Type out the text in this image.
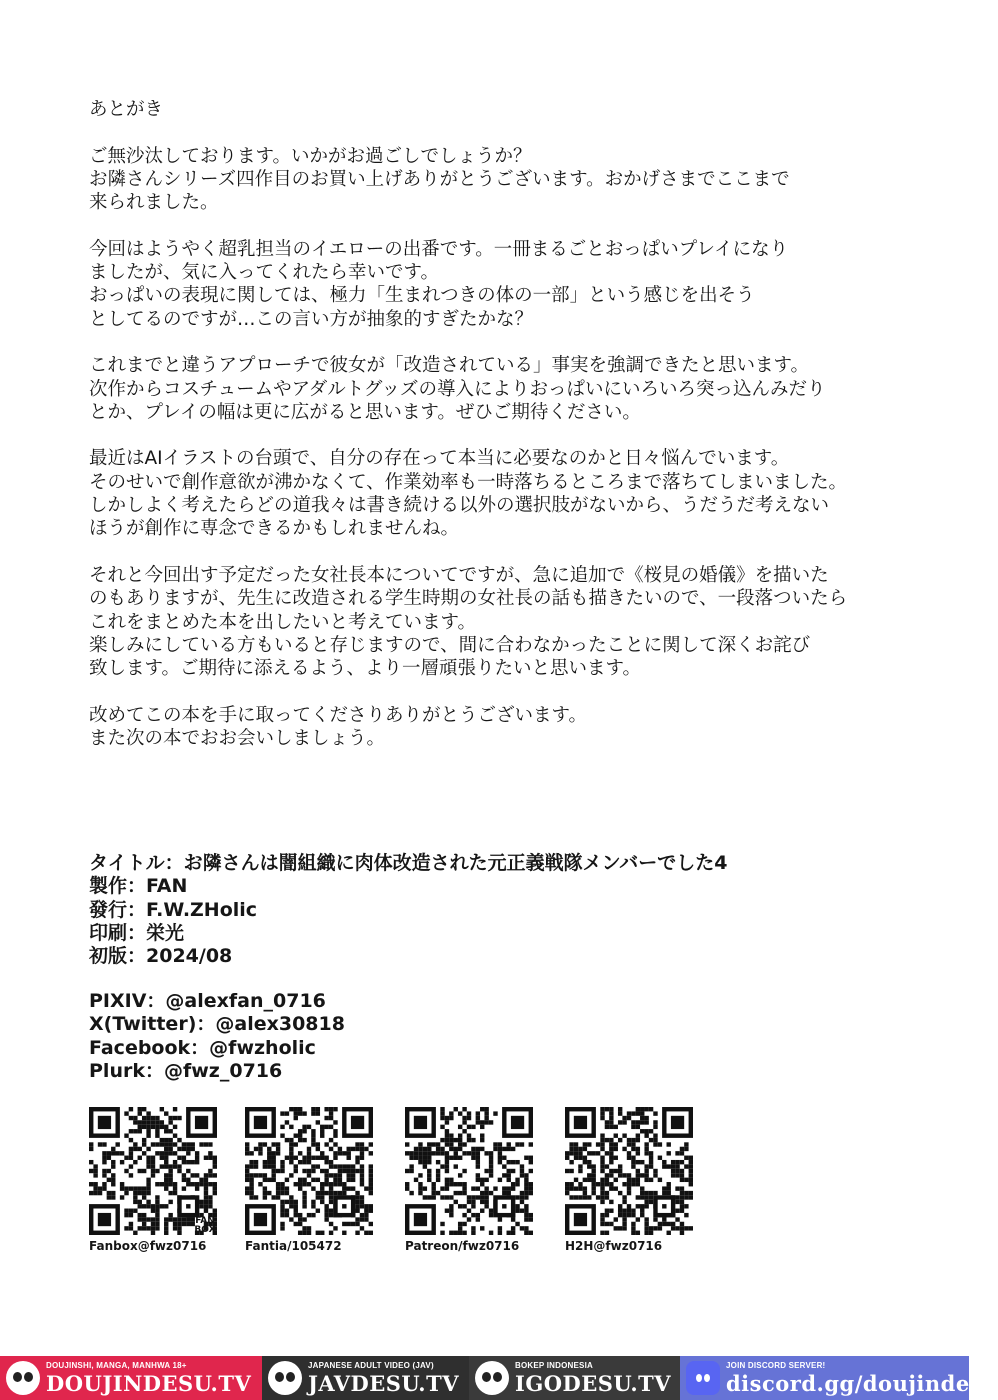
あとがき

ご無沙汰しております。いかがお過ごしでしょうか？
お隣さんシリーズ四作目のお買い上げありがとうございます。おかげさまでここまで
来られました。

今回はようやく超乳担当のイエローの出番です。一冊まるごとおっぱいプレイになり
ましたが、気に入ってくれたら幸いです。
おっぱいの表現に関しては、極力「生まれつきの体の一部」という感じを出そう
としてるのですが…この言い方が抽象的すぎたかな？

これまでと違うアプローチで彼女が「改造されている」事実を強調できたと思います。
次作からコスチュームやアダルトグッズの導入によりおっぱいにいろいろ突っ込んみだり
とか、プレイの幅は更に広がると思います。ぜひご期待ください。

最近はAIイラストの台頭で、自分の存在って本当に必要なのかと日々悩んでいます。
そのせいで創作意欲が沸かなくて、作業効率も一時落ちるところまで落ちてしまいました。
しかしよく考えたらどの道我々は書き続ける以外の選択肢がないから、うだうだ考えない
ほうが創作に専念できるかもしれませんね。

それと今回出す予定だった女社長本についてですが、急に追加で《桜見の婚儀》を描いた
のもありますが、先生に改造される学生時期の女社長の話も描きたいので、一段落ついたら
これをまとめた本を出したいと考えています。
楽しみにしている方もいると存じますので、間に合わなかったことに関して深くお詫び
致します。ご期待に添えるよう、より一層頑張りたいと思います。

改めてこの本を手に取ってくださりありがとうございます。
また次の本でおお会いしましょう。

タイトル：お隣さんは闇組織に肉体改造された元正義戦隊メンバーでした4
製作：FAN
發行：F.W.ZHolic
印刷：栄光
初版：2024/08
PIXIV：@alexfan_0716
X(Twitter)：@alex30818
Facebook：@fwzholic
Plurk：@fwz_0716
FAN BOX
Fanbox@fwz0716	Fantia/105472	Patreon/fwz0716	H2H@fwz0716
DOUJINSHI, MANGA, MANHWA 18+
DOUJINDESU.TV
JAPANESE ADULT VIDEO (JAV)
JAVDESU.TV
BOKEP INDONESIA
IGODESU.TV
JOIN DISCORD SERVER!
discord.gg/doujindesu
